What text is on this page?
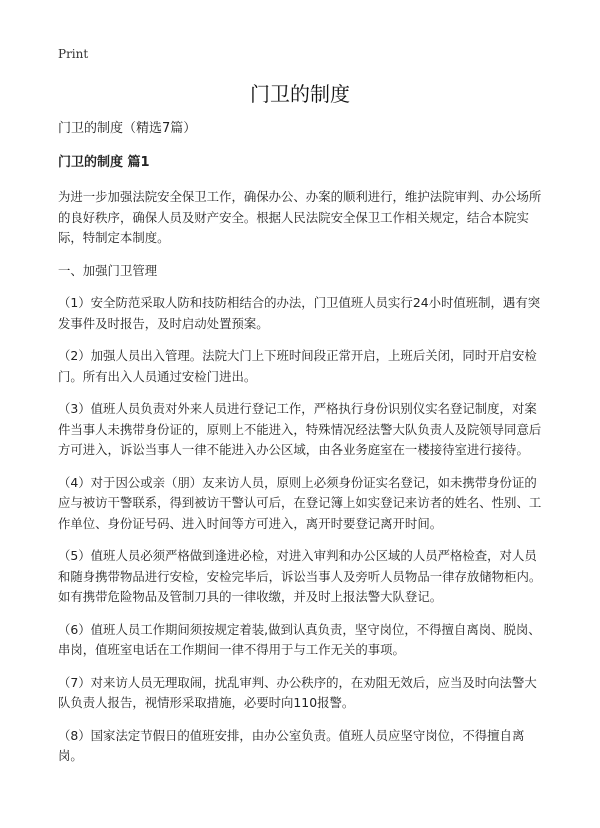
Print
门卫的制度

门卫的制度（精选7篇）

门卫的制度 篇1

为进一步加强法院安全保卫工作，确保办公、办案的顺利进行，维护法院审判、办公场所的良好秩序，确保人员及财产安全。根据人民法院安全保卫工作相关规定，结合本院实际，特制定本制度。

一、加强门卫管理

（1）安全防范采取人防和技防相结合的办法，门卫值班人员实行24小时值班制，遇有突发事件及时报告，及时启动处置预案。

（2）加强人员出入管理。法院大门上下班时间段正常开启，上班后关闭，同时开启安检门。所有出入人员通过安检门进出。

（3）值班人员负责对外来人员进行登记工作，严格执行身份识别仪实名登记制度，对案件当事人未携带身份证的，原则上不能进入，特殊情况经法警大队负责人及院领导同意后方可进入，诉讼当事人一律不能进入办公区域，由各业务庭室在一楼接待室进行接待。

（4）对于因公或亲（朋）友来访人员，原则上必须身份证实名登记，如未携带身份证的应与被访干警联系，得到被访干警认可后，在登记簿上如实登记来访者的姓名、性别、工作单位、身份证号码、进入时间等方可进入，离开时要登记离开时间。

（5）值班人员必须严格做到逢进必检，对进入审判和办公区域的人员严格检查，对人员和随身携带物品进行安检，安检完毕后，诉讼当事人及旁听人员物品一律存放储物柜内。如有携带危险物品及管制刀具的一律收缴，并及时上报法警大队登记。

（6）值班人员工作期间须按规定着装,做到认真负责，坚守岗位，不得擅自离岗、脱岗、串岗，值班室电话在工作期间一律不得用于与工作无关的事项。

（7）对来访人员无理取闹，扰乱审判、办公秩序的，在劝阻无效后，应当及时向法警大队负责人报告，视情形采取措施，必要时向110报警。

（8）国家法定节假日的值班安排，由办公室负责。值班人员应坚守岗位，不得擅自离岗。
